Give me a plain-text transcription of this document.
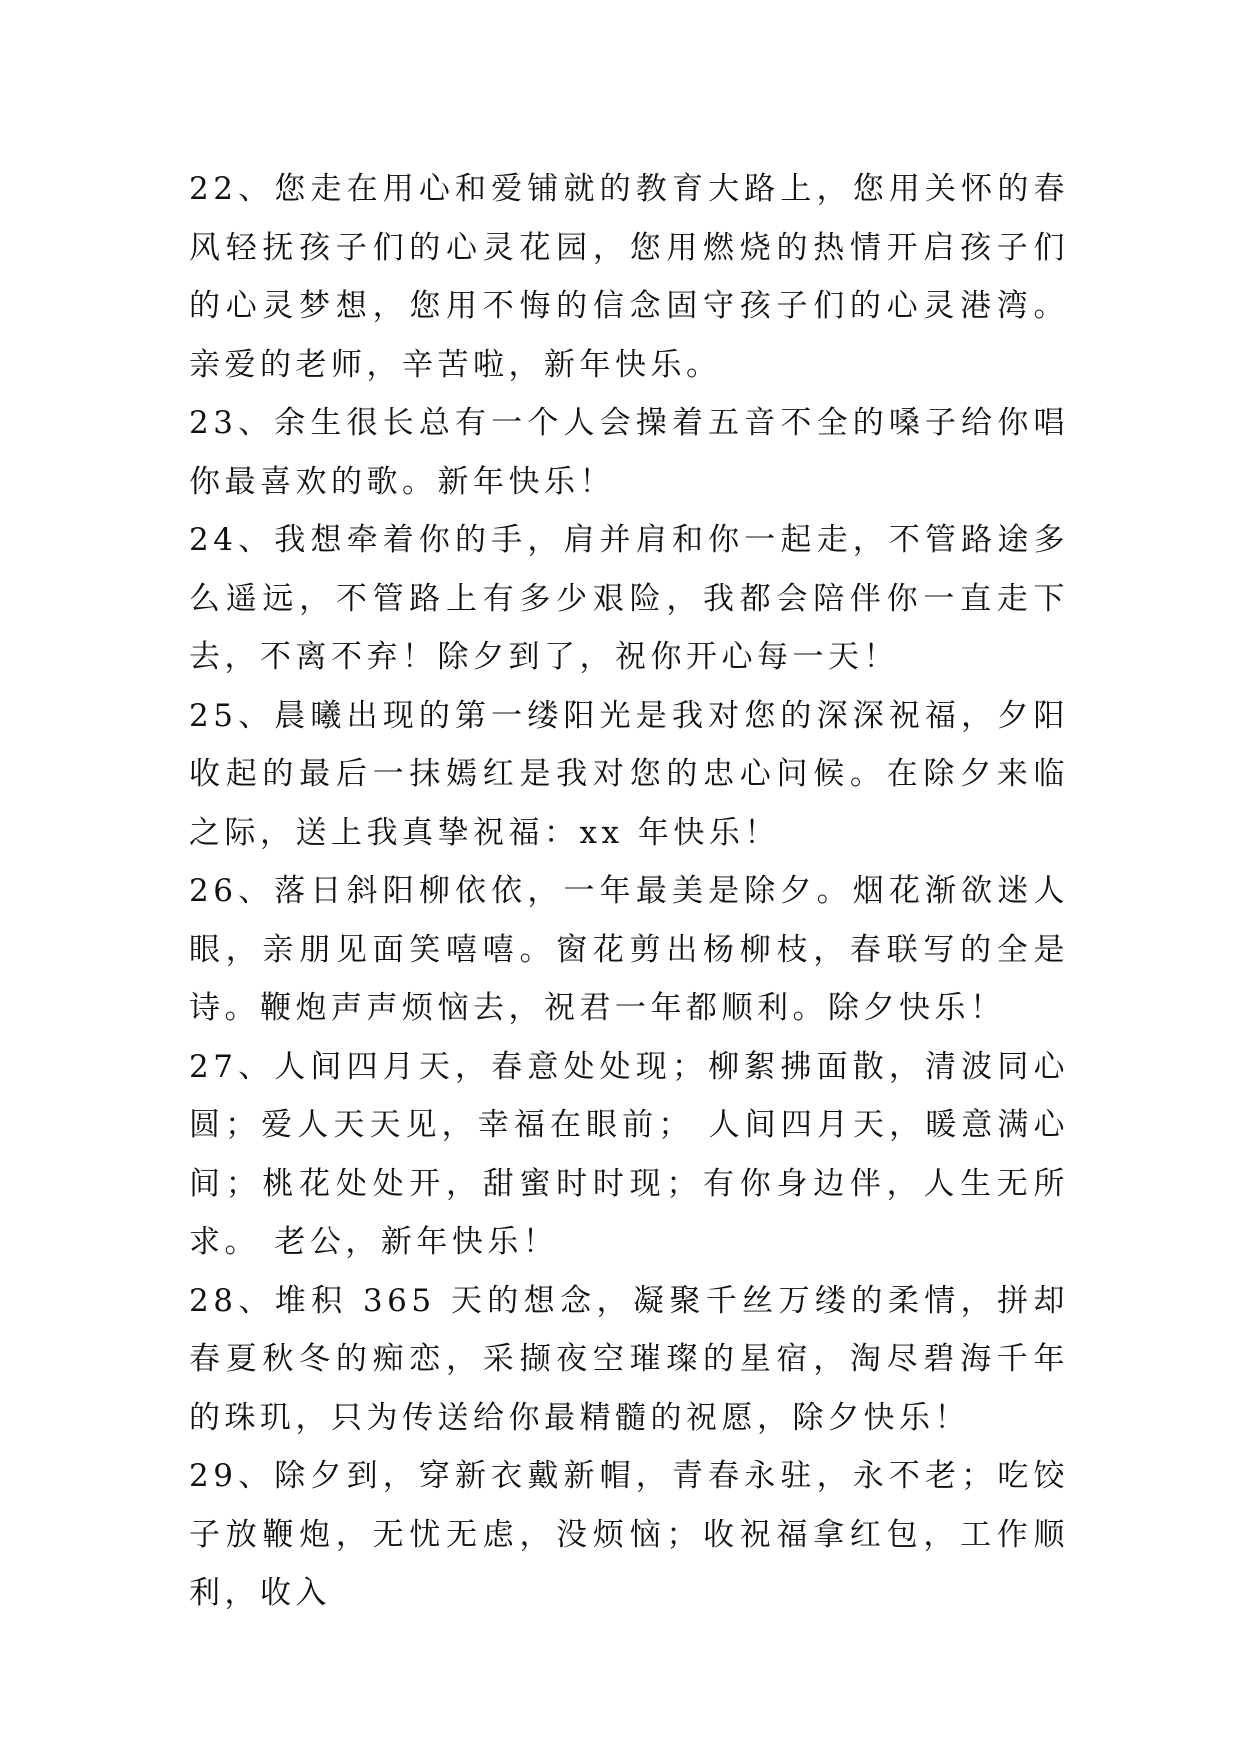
22、您走在用心和爱铺就的教育大路上，您用关怀的春风轻抚孩子们的心灵花园，您用燃烧的热情开启孩子们的心灵梦想，您用不悔的信念固守孩子们的心灵港湾。亲爱的老师，辛苦啦，新年快乐。

23、余生很长总有一个人会操着五音不全的嗓子给你唱你最喜欢的歌。新年快乐！

24、我想牵着你的手，肩并肩和你一起走，不管路途多么遥远，不管路上有多少艰险，我都会陪伴你一直走下去，不离不弃！除夕到了，祝你开心每一天！

25、晨曦出现的第一缕阳光是我对您的深深祝福，夕阳收起的最后一抹嫣红是我对您的忠心问候。在除夕来临之际，送上我真挚祝福：xx 年快乐！

26、落日斜阳柳依依，一年最美是除夕。烟花渐欲迷人眼，亲朋见面笑嘻嘻。窗花剪出杨柳枝，春联写的全是诗。鞭炮声声烦恼去，祝君一年都顺利。除夕快乐！

27、人间四月天，春意处处现；柳絮拂面散，清波同心圆；爱人天天见，幸福在眼前； 人间四月天，暖意满心间；桃花处处开，甜蜜时时现；有你身边伴，人生无所求。 老公，新年快乐！

28、堆积 365 天的想念，凝聚千丝万缕的柔情，拼却春夏秋冬的痴恋，采撷夜空璀璨的星宿，淘尽碧海千年的珠玑，只为传送给你最精髓的祝愿，除夕快乐！

29、除夕到，穿新衣戴新帽，青春永驻，永不老；吃饺子放鞭炮，无忧无虑，没烦恼；收祝福拿红包，工作顺利，收入
